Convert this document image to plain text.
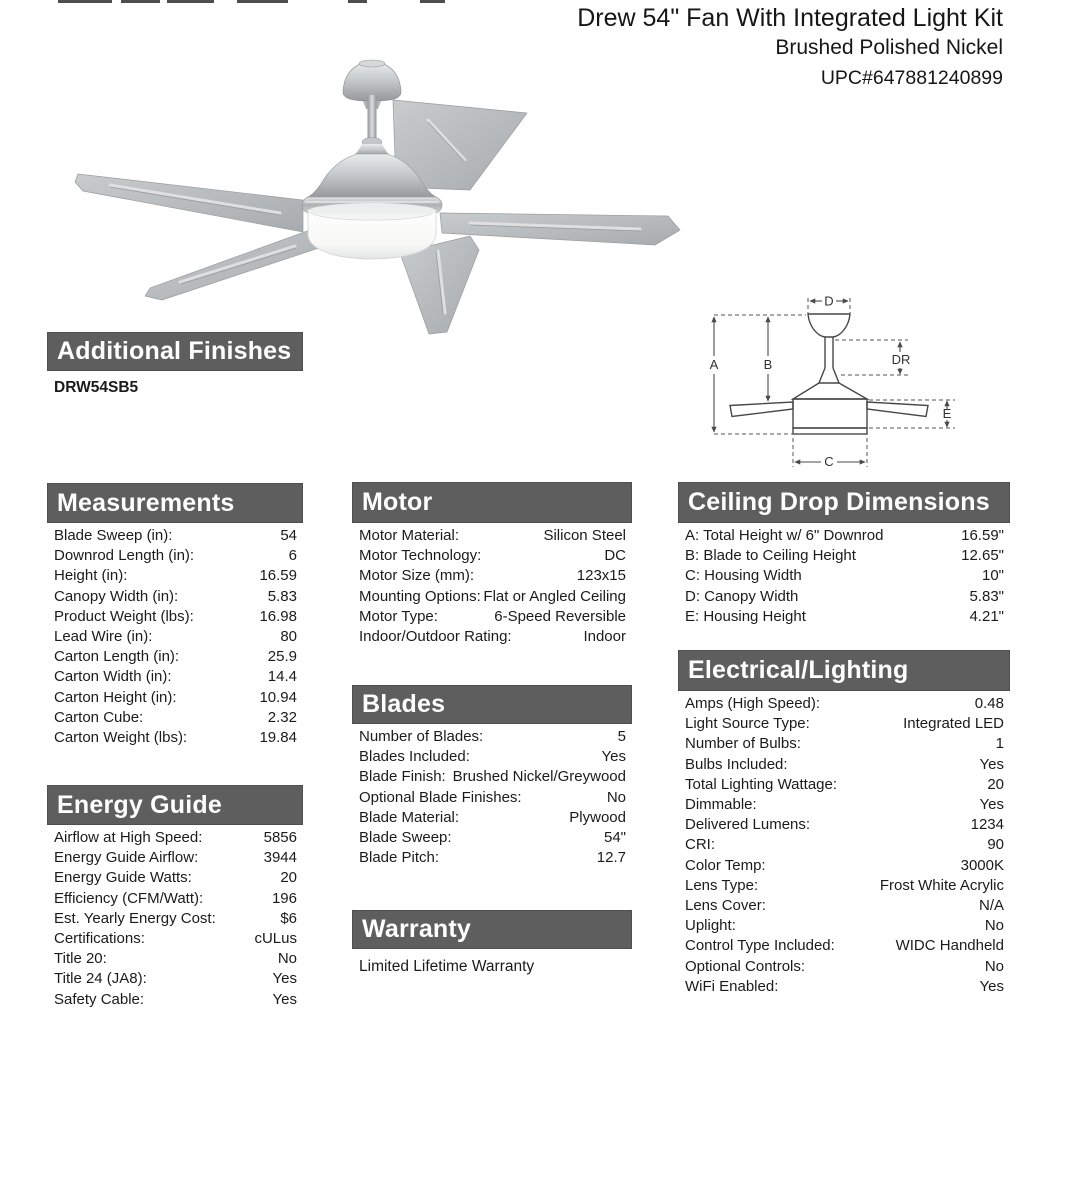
Drew 54" Fan With Integrated Light Kit
Brushed Polished Nickel
UPC#647881240899
Additional Finishes
DRW54SB5
A	B
C
D
DR
E
Measurements
Blade Sweep (in):	54
Downrod Length (in):	6
Height (in):	16.59
Canopy Width (in):	5.83
Product Weight (lbs):	16.98
Lead Wire (in):	80
Carton Length (in):	25.9
Carton Width (in):	14.4
Carton Height (in):	10.94
Carton Cube:	2.32
Carton Weight (lbs):	19.84
Energy Guide
Airflow at High Speed:	5856
Energy Guide Airflow:	3944
Energy Guide Watts:	20
Efficiency (CFM/Watt):	196
Est. Yearly Energy Cost:	$6
Certifications:	cULus
Title 20:	No
Title 24 (JA8):	Yes
Safety Cable:	Yes
Motor
Motor Material:	Silicon Steel
Motor Technology:	DC
Motor Size (mm):	123x15
Mounting Options: Flat or Angled Ceiling
Motor Type:	6-Speed Reversible
Indoor/Outdoor Rating:	Indoor
Blades
Number of Blades:	5
Blades Included:	Yes
Blade Finish: Brushed Nickel/Greywood
Optional Blade Finishes:	No
Blade Material:	Plywood
Blade Sweep:	54"
Blade Pitch:	12.7
Warranty
Limited Lifetime Warranty
Ceiling Drop Dimensions
A: Total Height w/ 6" Downrod	16.59"
B: Blade to Ceiling Height	12.65"
C: Housing Width	10"
D: Canopy Width	5.83"
E: Housing Height	4.21"
Electrical/Lighting
Amps (High Speed):	0.48
Light Source Type:	Integrated LED
Number of Bulbs:	1
Bulbs Included:	Yes
Total Lighting Wattage:	20
Dimmable:	Yes
Delivered Lumens:	1234
CRI:	90
Color Temp:	3000K
Lens Type:	Frost White Acrylic
Lens Cover:	N/A
Uplight:	No
Control Type Included:	WIDC Handheld
Optional Controls:	No
WiFi Enabled:	Yes
